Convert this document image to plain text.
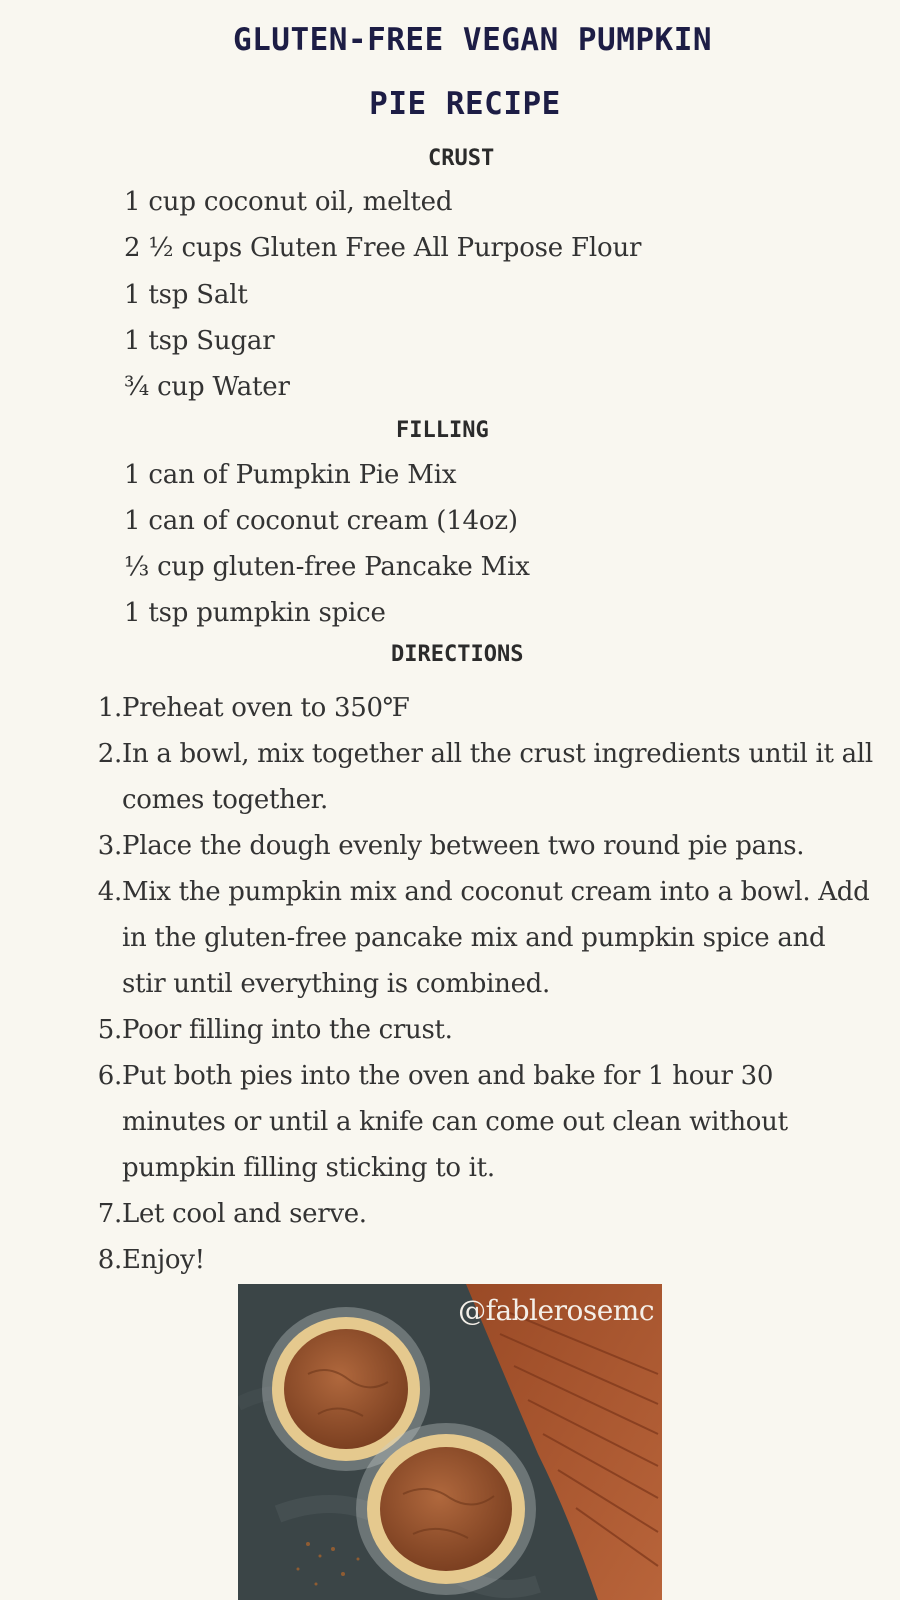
GLUTEN-FREE VEGAN PUMPKIN
PIE RECIPE
CRUST

1 cup coconut oil, melted

2 ½ cups Gluten Free All Purpose Flour

1 tsp Salt

1 tsp Sugar

¾ cup Water

FILLING

1 can of Pumpkin Pie Mix

1 can of coconut cream (14oz)

⅓ cup gluten-free Pancake Mix

1 tsp pumpkin spice

DIRECTIONS
1. Preheat oven to 350℉
2. In a bowl, mix together all the crust ingredients until it all comes together.
3. Place the dough evenly between two round pie pans.
4. Mix the pumpkin mix and coconut cream into a bowl. Add in the gluten-free pancake mix and pumpkin spice and stir until everything is combined.
5. Poor filling into the crust.
6. Put both pies into the oven and bake for 1 hour 30 minutes or until a knife can come out clean without pumpkin filling sticking to it.
7. Let cool and serve.
8. Enjoy!
@fablerosemc
